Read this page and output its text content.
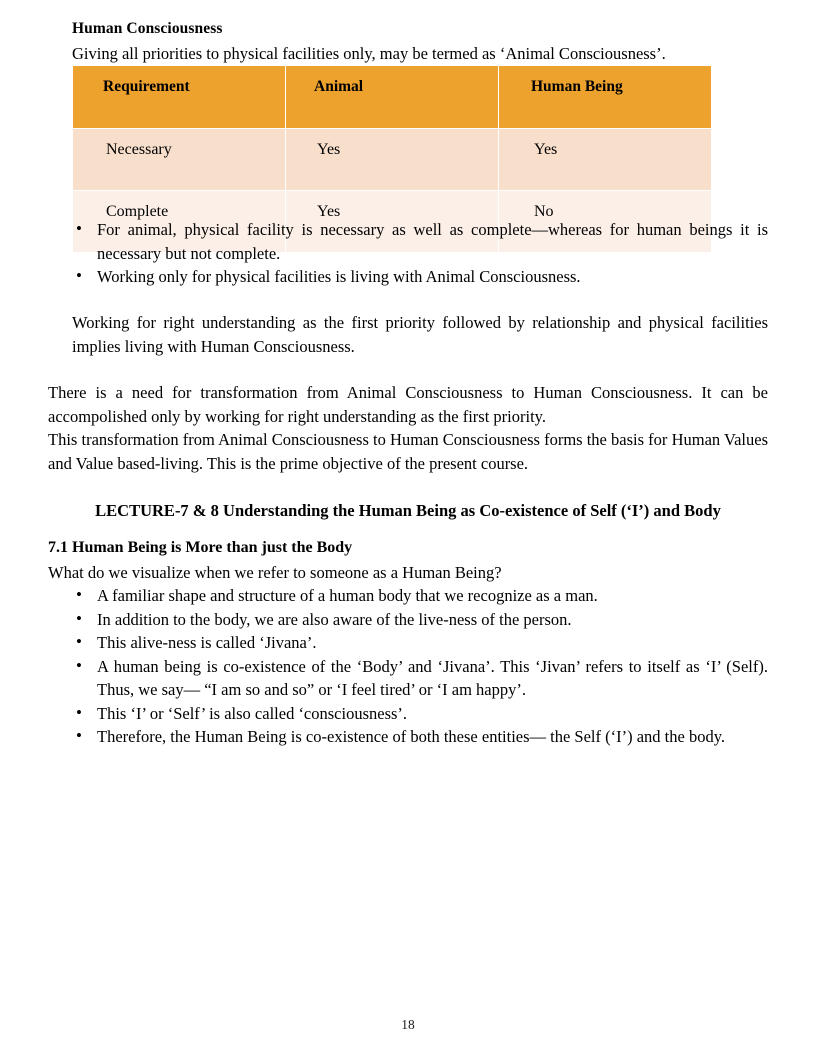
Human Consciousness
Giving all priorities to physical facilities only, may be termed as ‘Animal Consciousness’.
Requirement	Animal	Human Being
Necessary	Yes	Yes
Complete	Yes	No
• For animal, physical facility is necessary as well as complete—whereas for human beings it is necessary but not complete.
• Working only for physical facilities is living with Animal Consciousness.
Working for right understanding as the first priority followed by relationship and physical facilities implies living with Human Consciousness.
There is a need for transformation from Animal Consciousness to Human Consciousness. It can be accompolished only by working for right understanding as the first priority.
This transformation from Animal Consciousness to Human Consciousness forms the basis for Human Values and Value based-living. This is the prime objective of the present course.
LECTURE-7 & 8 Understanding the Human Being as Co-existence of Self (‘I’) and Body
7.1 Human Being is More than just the Body
What do we visualize when we refer to someone as a Human Being?
• A familiar shape and structure of a human body that we recognize as a man.
• In addition to the body, we are also aware of the live-ness of the person.
• This alive-ness is called ‘Jivana’.
• A human being is co-existence of the ‘Body’ and ‘Jivana’. This ‘Jivan’ refers to itself as ‘I’ (Self). Thus, we say— “I am so and so” or ‘I feel tired’ or ‘I am happy’.
• This ‘I’ or ‘Self’ is also called ‘consciousness’.
• Therefore, the Human Being is co-existence of both these entities— the Self (‘I’) and the body.
18
